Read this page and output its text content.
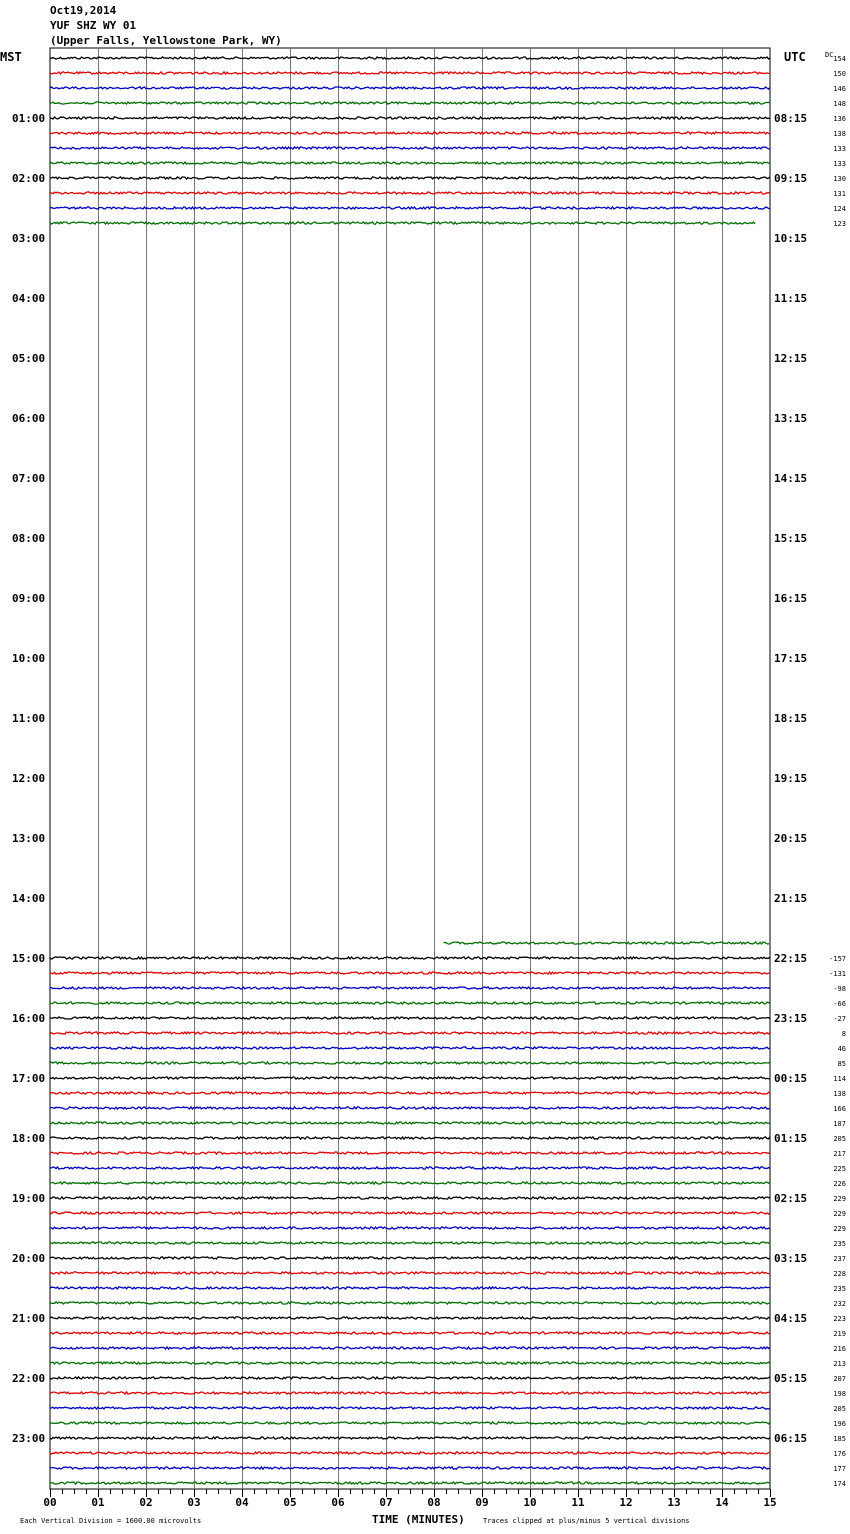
Oct19,2014
YUF SHZ WY 01
(Upper Falls, Yellowstone Park, WY)
154
150
146
148
136
138
133
133
130
131
124
123
-157
-131
-98
-66
-27
8
46
85
114
138
166
187
205
217
225
226
229
229
229
235
237
228
235
232
223
219
216
213
207
198
205
196
185
176
177
174
MST	UTC	DC
TIME (MINUTES)
Each Vertical Division = 1600.00 microvolts	Traces clipped at plus/minus 5 vertical divisions
01:00	08:15
02:00	09:15
03:00	10:15
04:00	11:15
05:00	12:15
06:00	13:15
07:00	14:15
08:00	15:15
09:00	16:15
10:00	17:15
11:00	18:15
12:00	19:15
13:00	20:15
14:00	21:15
15:00	22:15
16:00	23:15
17:00	00:15
18:00	01:15
19:00	02:15
20:00	03:15
21:00	04:15
22:00	05:15
23:00	06:15
00	01	02	03	04	05	06	07	08	09	10	11	12	13	14	15
